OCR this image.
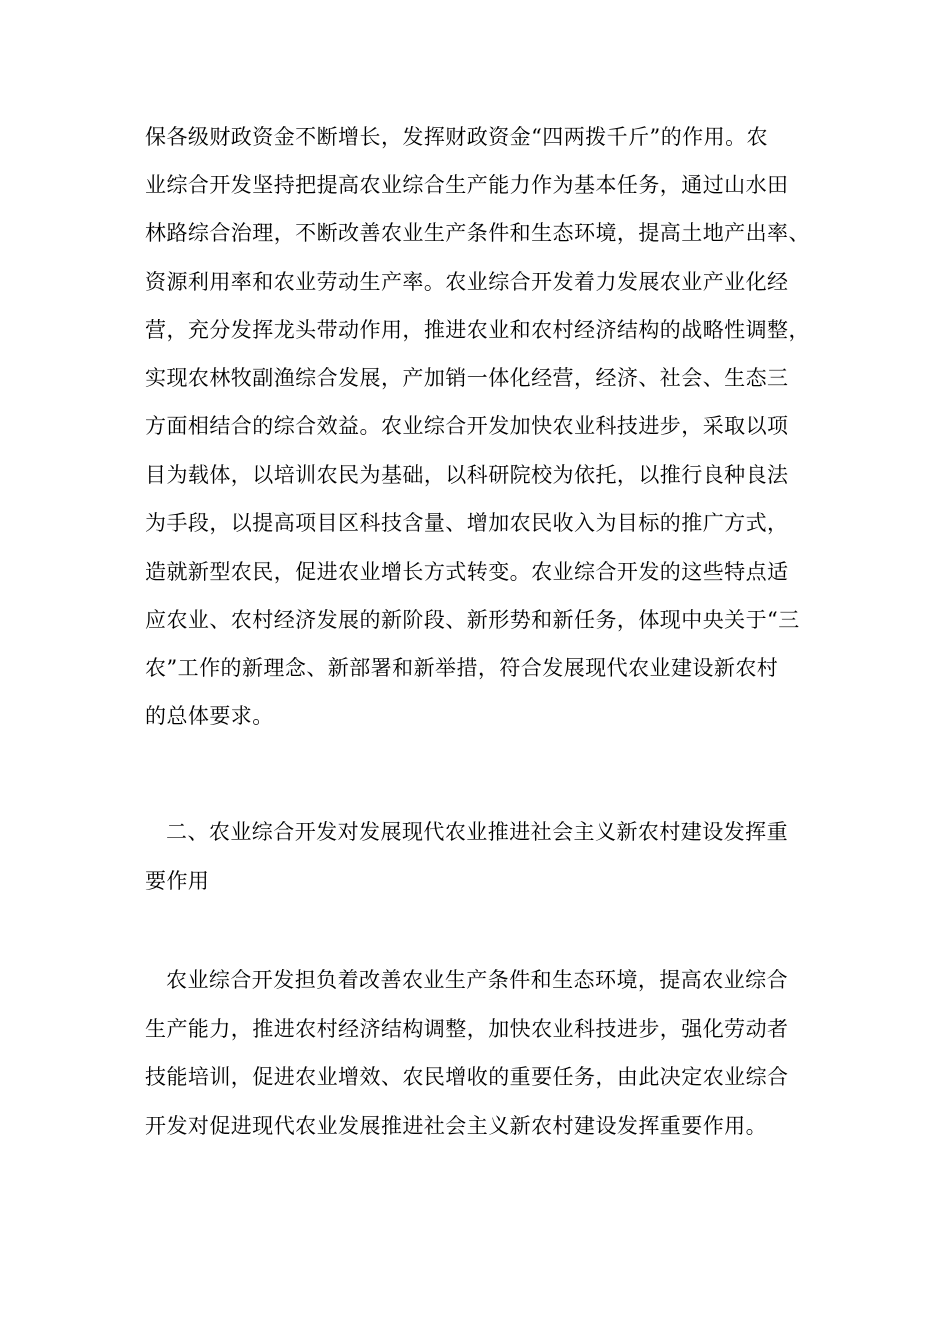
保各级财政资金不断增长，发挥财政资金“四两拨千斤”的作用。农
业综合开发坚持把提高农业综合生产能力作为基本任务，通过山水田
林路综合治理，不断改善农业生产条件和生态环境，提高土地产出率、
资源利用率和农业劳动生产率。农业综合开发着力发展农业产业化经
营，充分发挥龙头带动作用，推进农业和农村经济结构的战略性调整，
实现农林牧副渔综合发展，产加销一体化经营，经济、社会、生态三
方面相结合的综合效益。农业综合开发加快农业科技进步，采取以项
目为载体，以培训农民为基础，以科研院校为依托，以推行良种良法
为手段，以提高项目区科技含量、增加农民收入为目标的推广方式，
造就新型农民，促进农业增长方式转变。农业综合开发的这些特点适
应农业、农村经济发展的新阶段、新形势和新任务，体现中央关于“三
农”工作的新理念、新部署和新举措，符合发展现代农业建设新农村
的总体要求。
二、农业综合开发对发展现代农业推进社会主义新农村建设发挥重
要作用
农业综合开发担负着改善农业生产条件和生态环境，提高农业综合
生产能力，推进农村经济结构调整，加快农业科技进步，强化劳动者
技能培训，促进农业增效、农民增收的重要任务，由此决定农业综合
开发对促进现代农业发展推进社会主义新农村建设发挥重要作用。
